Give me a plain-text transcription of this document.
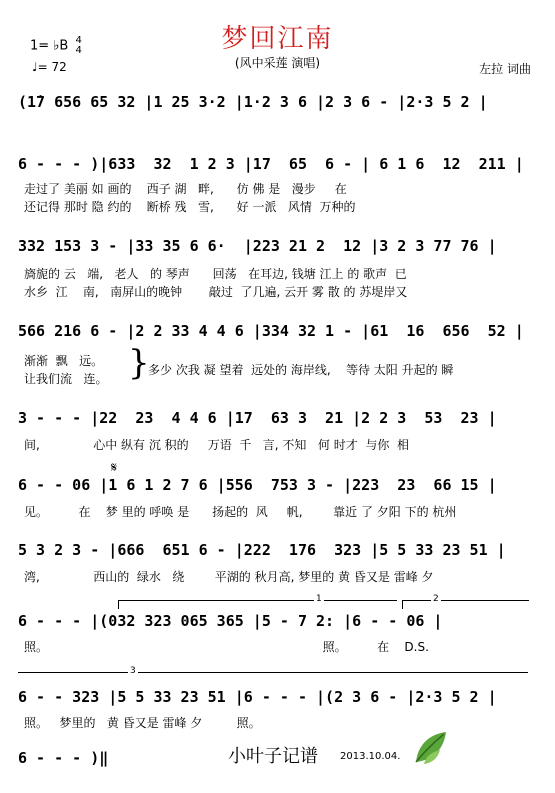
梦回江南
(风中采莲 演唱)
1= ♭B 4
4
♩= 72	左拉 词曲
(1̇7 656 65 32 |1 25 3·2 |1·2 3 6 |2 3 6 - |2·3 5 2 |
6 - - - )|633  32  1 2 3 |17  65  6 - | 6 1 6  12  211 |
走过了 美丽 如 画的    西子 湖   畔,      仿 佛 是   漫步     在
还记得 那时 隐 约的    断桥 残   雪,      好 一派   风情  万种的
332 153 3 - |33 35 6 6·  |223 21 2  12 |3 2 3 77 76 |
旖旎的 云   端,   老人   的 琴声      回荡   在耳边, 钱塘 江上 的 歌声  已
水乡  江    南,   南屏山的晚钟       敲过  了几遍, 云开 雾 散 的 苏堤岸又
566 216 6 - |2 2 33 4 4 6 |334 32 1 - |61  16  656  52 |
渐渐  飘   远。
让我们流   连。 }
多少 次我 凝 望着  远处的 海岸线,    等待 太阳 升起的 瞬
3 - - - |22  23  4 4 6 |17  63 3  21 |2 2 3  53  23 |
间,              心中 纵有 沉 积的     万语  千   言, 不知   何 时才  与你  相
𝄋
6 - - 06 |1 6 1 2 7 6 |556  753 3 - |223  23  66 15 |
见。        在    梦 里的 呼唤 是      扬起的  风     帆,        靠近 了 夕阳 下的 杭州
5 3 2 3 - |666  651 6 - |222  176  323 |5 5 33 23 51 |
湾,              西山的  绿水   绕        平湖的 秋月高, 梦里的 黄 昏又是 雷峰 夕
1	2
6 - - - |(032 323 065 365 |5 - 7 2: |6 - - 06 |
照。                                                                        照。        在    D.S.
3
6 - - 323 |5 5 33 23 51 |6 - - - |(2 3 6 - |2·3 5 2 |
照。   梦里的   黄 昏又是 雷峰 夕         照。
6 - - - )‖	小叶子记谱 2013.10.04.
